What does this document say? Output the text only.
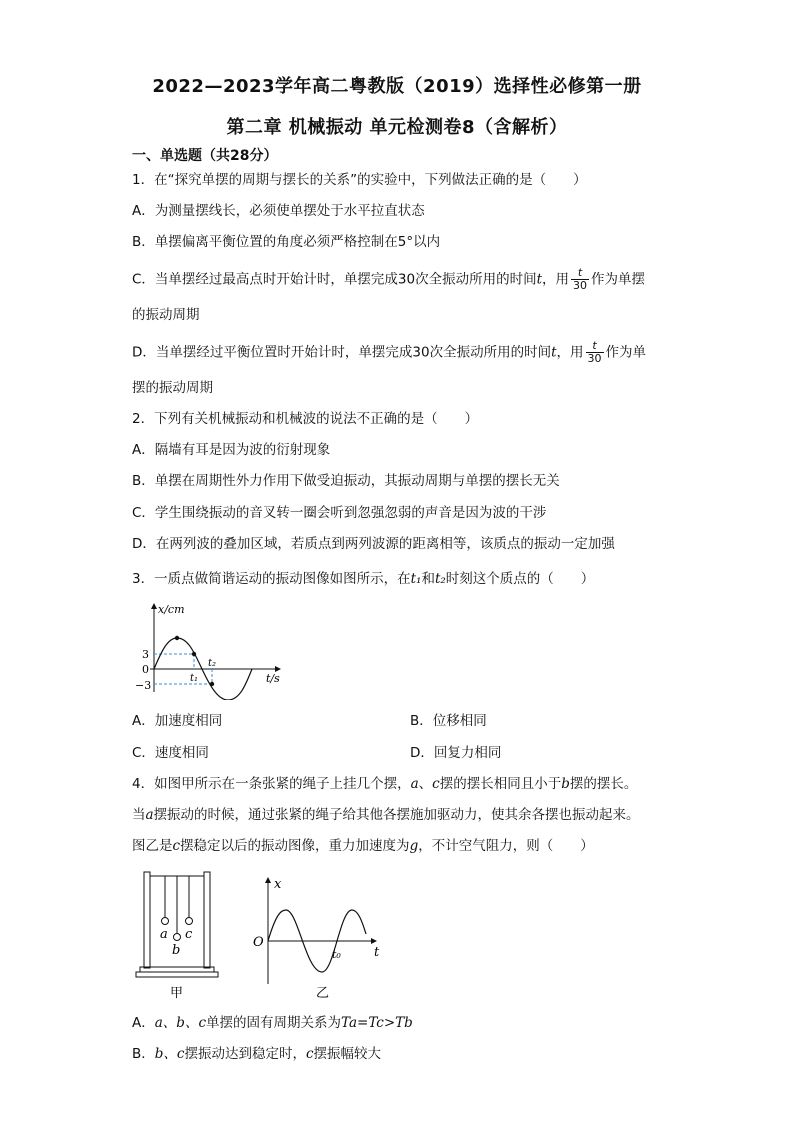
2022—2023学年高二粤教版（2019）选择性必修第一册
第二章 机械振动 单元检测卷8（含解析）
一、单选题（共28分）
1．在“探究单摆的周期与摆长的关系”的实验中，下列做法正确的是（　　）
A．为测量摆线长，必须使单摆处于水平拉直状态
B．单摆偏离平衡位置的角度必须严格控制在5°以内
C．当单摆经过最高点时开始计时，单摆完成30次全振动所用的时间t，用 $\frac{t}{30}$ 作为单摆
的振动周期
D．当单摆经过平衡位置时开始计时，单摆完成30次全振动所用的时间t，用 $\frac{t}{30}$ 作为单
摆的振动周期
2．下列有关机械振动和机械波的说法不正确的是（　　）
A．隔墙有耳是因为波的衍射现象
B．单摆在周期性外力作用下做受迫振动，其振动周期与单摆的摆长无关
C．学生围绕振动的音叉转一圈会听到忽强忽弱的声音是因为波的干涉
D．在两列波的叠加区域，若质点到两列波源的距离相等，该质点的振动一定加强
3．一质点做简谐运动的振动图像如图所示，在t₁和t₂时刻这个质点的（　　）
x/cm
t/s
3
0
−3
t₁
t₂
A．加速度相同	B．位移相同
C．速度相同	D．回复力相同
4．如图甲所示在一条张紧的绳子上挂几个摆，a、c摆的摆长相同且小于b摆的摆长。
当a摆振动的时候，通过张紧的绳子给其他各摆施加驱动力，使其余各摆也振动起来。
图乙是c摆稳定以后的振动图像，重力加速度为g，不计空气阻力，则（　　）
a
b
c
甲
x
O
t
t₀
乙
A．a、b、c单摆的固有周期关系为Ta=Tc>Tb
B．b、c摆振动达到稳定时，c摆振幅较大
